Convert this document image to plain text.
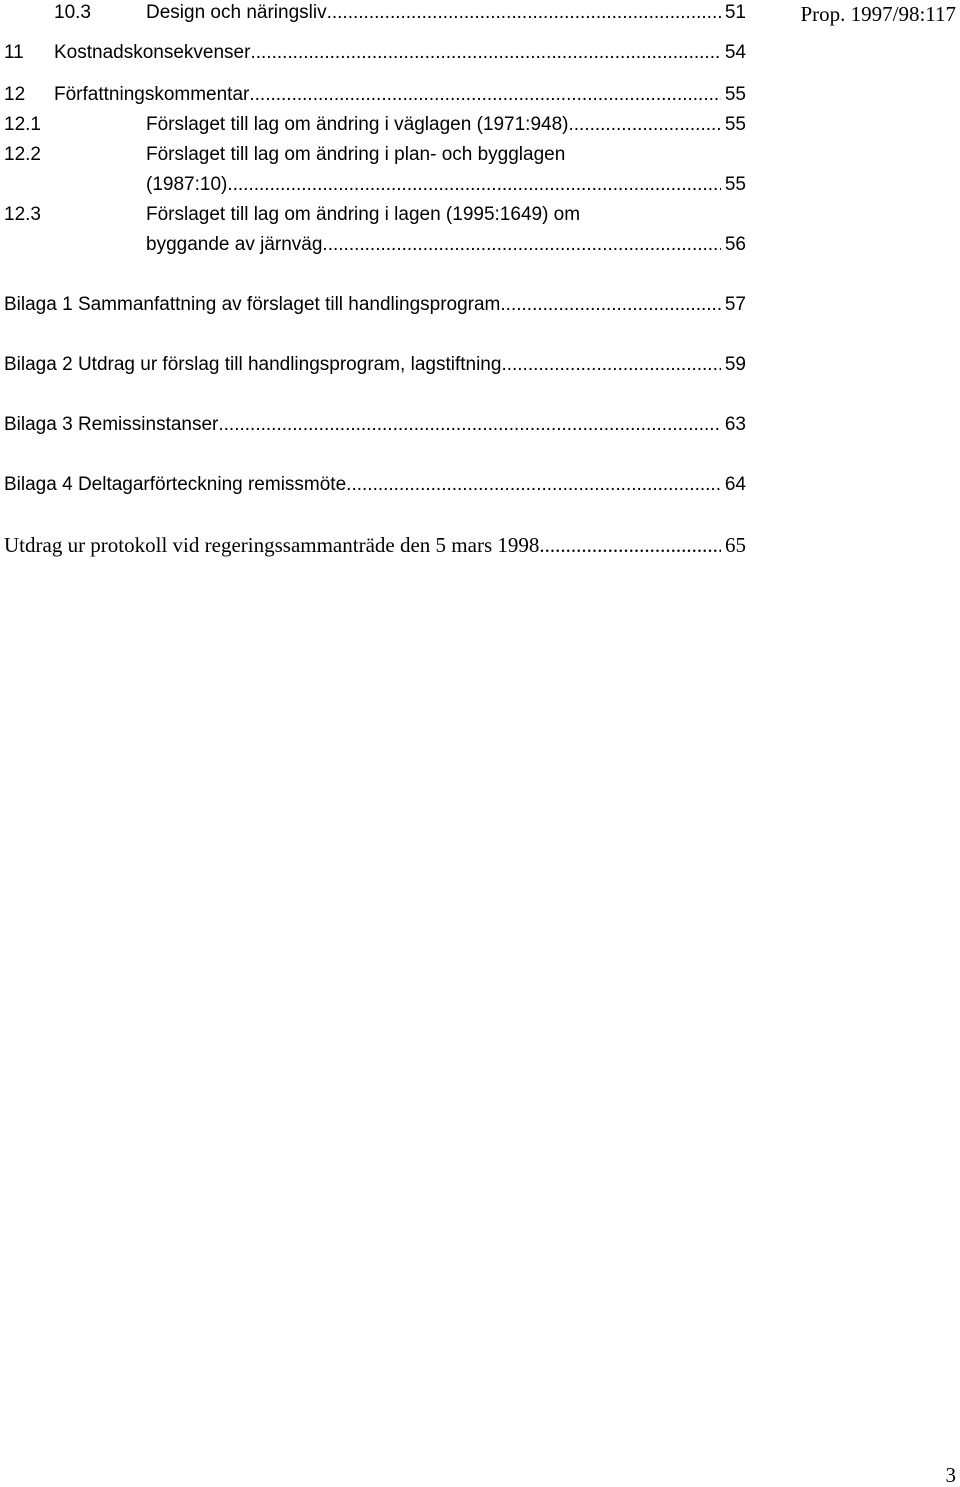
Prop. 1997/98:117
10.3	Design och näringsliv .....	51
11 Kostnadskonsekvenser .....	54
12 Författningskommentar .....	55
12.1	Förslaget till lag om ändring i väglagen (1971:948) .....	55
12.2	Förslaget till lag om ändring i plan- och bygglagen
(1987:10) .....	55
12.3	Förslaget till lag om ändring i lagen (1995:1649) om
byggande av järnväg .....	56
Bilaga 1 Sammanfattning av förslaget till handlingsprogram .....	57
Bilaga 2 Utdrag ur förslag till handlingsprogram, lagstiftning .....	59
Bilaga 3 Remissinstanser .....	63
Bilaga 4 Deltagarförteckning remissmöte .....	64
Utdrag ur protokoll vid regeringssammanträde den 5 mars 1998 .....	65
3
